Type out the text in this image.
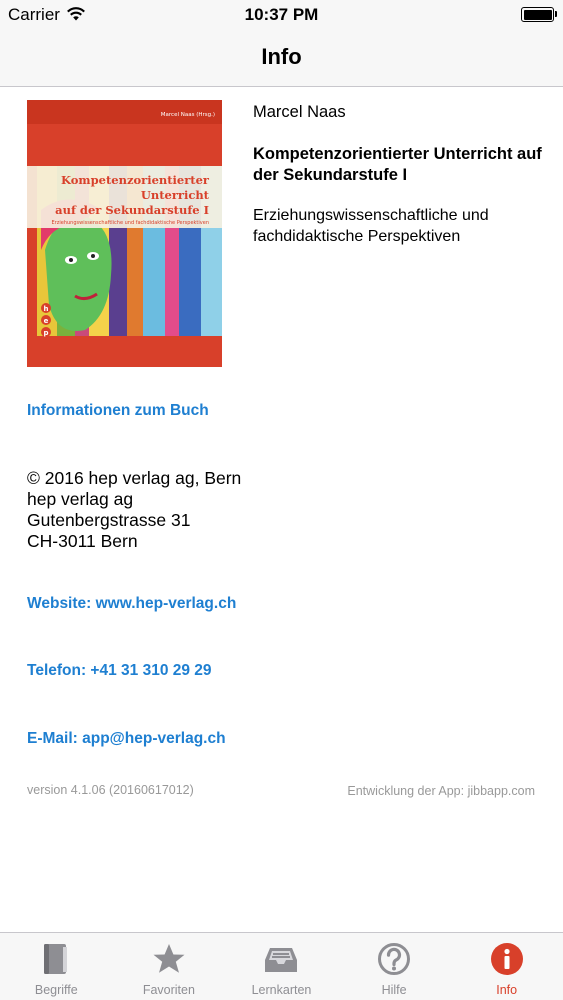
Carrier	10:37 PM
Info
Marcel Naas (Hrsg.)
Kompetenzorientierter
Unterricht
auf der Sekundarstufe I
Erziehungswissenschaftliche und fachdidaktische Perspektiven
h
e
p
Marcel Naas
Kompetenzorientierter Unterricht auf der Sekundarstufe I
Erziehungswissenschaftliche und fachdidaktische Perspektiven
Informationen zum Buch
© 2016 hep verlag ag, Bern
hep verlag ag
Gutenbergstrasse 31
CH-3011 Bern
Website: www.hep-verlag.ch
Telefon: +41 31 310 29 29
E-Mail: app@hep-verlag.ch
version 4.1.06 (20160617012)	Entwicklung der App: jibbapp.com
Begriffe	Favoriten	Lernkarten	Hilfe	Info
